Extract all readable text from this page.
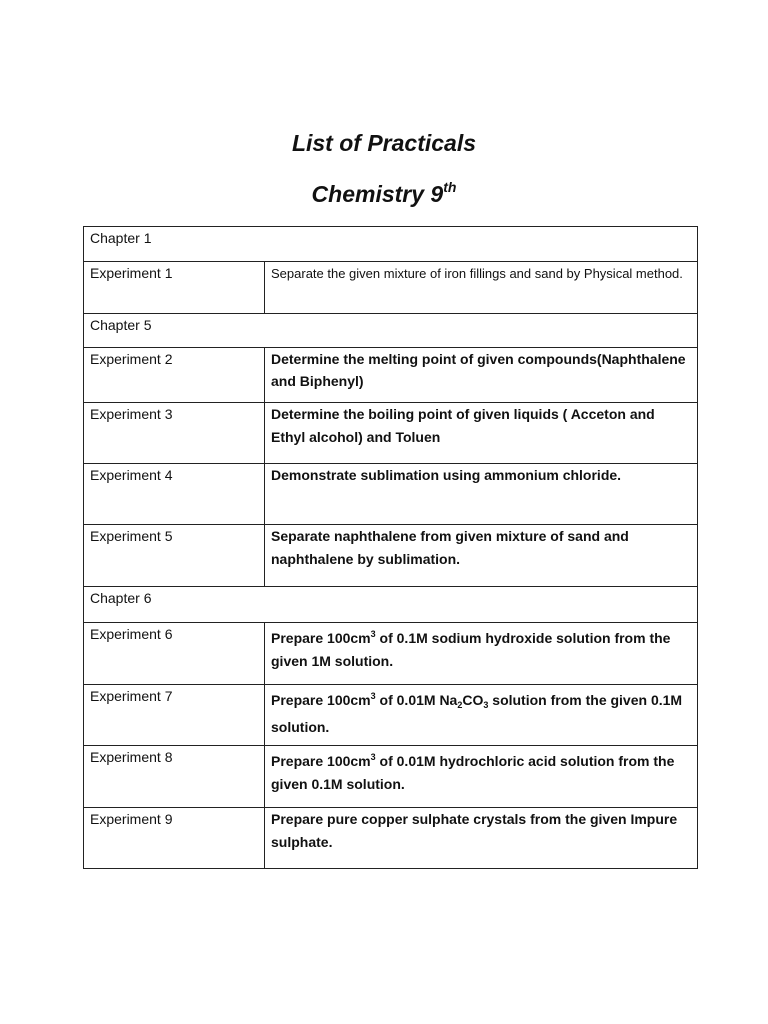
List of Practicals
Chemistry 9th
Chapter 1	
Experiment 1	Separate the given mixture of iron fillings and sand by Physical method.
Chapter 5	
Experiment 2	Determine the melting point of given compounds(Naphthalene and Biphenyl)
Experiment 3	Determine the boiling point of given liquids ( Acceton and Ethyl alcohol) and Toluen
Experiment 4	Demonstrate sublimation using ammonium chloride.
Experiment 5	Separate naphthalene from given mixture of sand and naphthalene by sublimation.
Chapter 6	
Experiment 6	Prepare $100cm^3$ of 0.1M sodium hydroxide solution from the given 1M solution.
Experiment 7	Prepare $100cm^3$ of 0.01M $Na_2CO_3$ solution from the given 0.1M solution.
Experiment 8	Prepare $100cm^3$ of 0.01M hydrochloric acid solution from the given 0.1M solution.
Experiment 9	Prepare pure copper sulphate crystals from the given Impure sulphate.
